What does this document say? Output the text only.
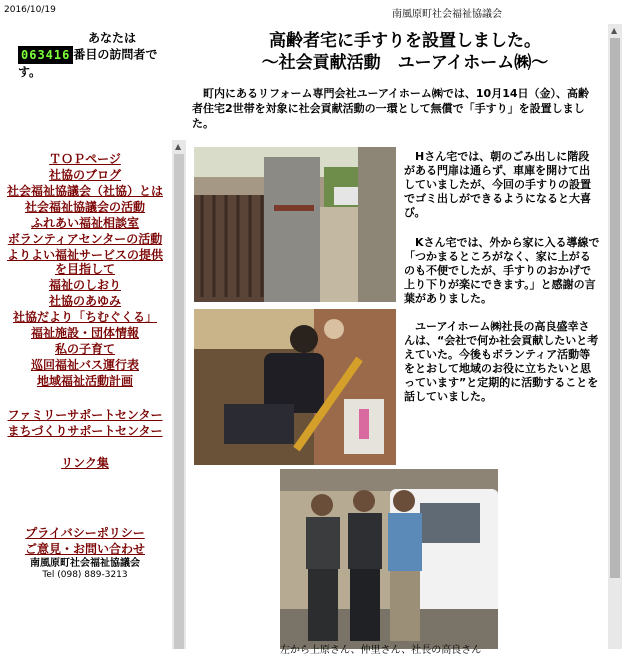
2016/10/19	南風原町社会福祉協議会
あなたは
063416 番目の訪問者です。
高齢者宅に手すりを設置しました。
～社会貢献活動　ユーアイホーム㈱～
　町内にあるリフォーム専門会社ユーアイホーム㈱では、10月14日（金）、高齢者住宅2世帯を対象に社会貢献活動の一環として無償で「手すり」を設置しました。
ＴＯＰページ
社協のブログ
社会福祉協議会（社協）とは
社会福祉協議会の活動
ふれあい福祉相談室
ボランティアセンターの活動
よりよい福祉サービスの提供を目指して
福祉のしおり
社協のあゆみ
社協だより「ちむぐくる」
福祉施設・団体情報
私の子育て
巡回福祉バス運行表
地域福祉活動計画
ファミリーサポートセンター
まちづくりサポートセンター
リンク集
プライバシーポリシー
ご意見・お問い合わせ
南風原町社会福祉協議会
Tel (098) 889-3213
▲
　Hさん宅では、朝のごみ出しに階段がある門扉は通らず、車庫を開けて出していましたが、今回の手すりの設置でゴミ出しができるようになると大喜び。
　Kさん宅では、外から家に入る導線で「つかまるところがなく、家に上がるのも不便でしたが、手すりのおかげで上り下りが楽にできます。」と感謝の言葉がありました。
　ユーアイホーム㈱社長の高良盛幸さんは、“会社で何か社会貢献したいと考えていた。今後もボランティア活動等をとおして地域のお役に立ちたいと思っています”と定期的に活動することを話していました。
左から上原さん、仲里さん、社長の高良さん
▲
